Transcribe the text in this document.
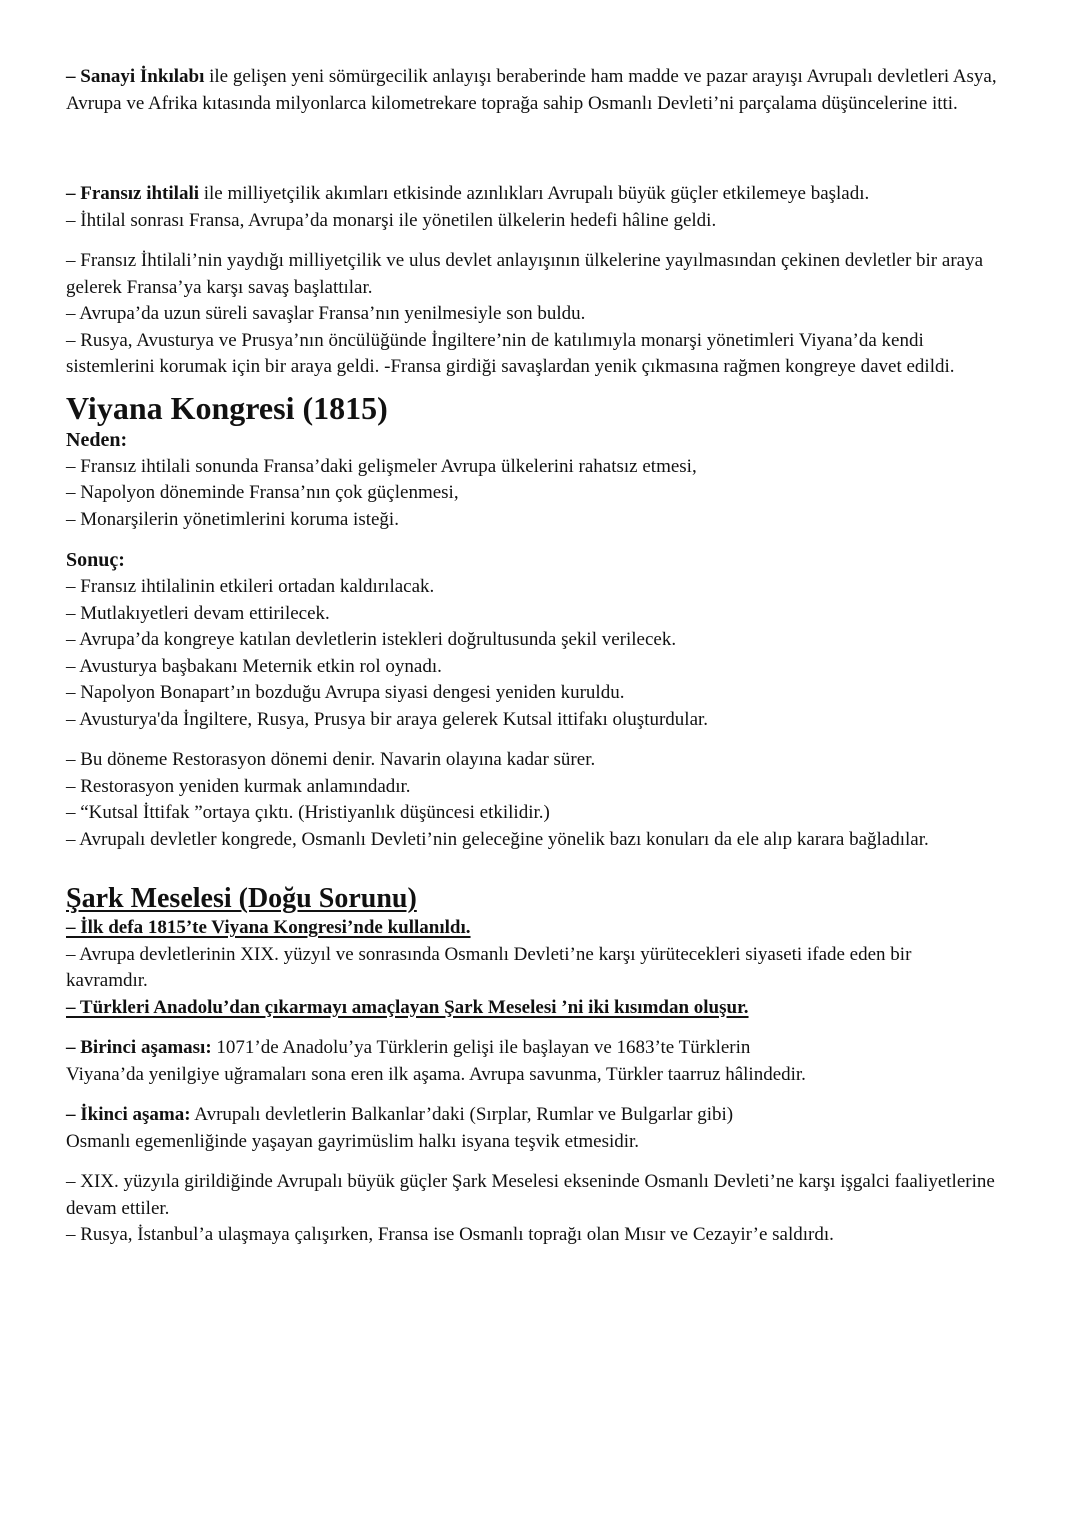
– Sanayi İnkılabı ile gelişen yeni sömürgecilik anlayışı beraberinde ham madde ve pazar arayışı Avrupalı devletleri Asya, Avrupa ve Afrika kıtasında milyonlarca kilometrekare toprağa sahip Osmanlı Devleti’ni parçalama düşüncelerine itti.

– Fransız ihtilali ile milliyetçilik akımları etkisinde azınlıkları Avrupalı büyük güçler etkilemeye başladı.

– İhtilal sonrası Fransa, Avrupa’da monarşi ile yönetilen ülkelerin hedefi hâline geldi.

– Fransız İhtilali’nin yaydığı milliyetçilik ve ulus devlet anlayışının ülkelerine yayılmasından çekinen devletler bir araya gelerek Fransa’ya karşı savaş başlattılar.

– Avrupa’da uzun süreli savaşlar Fransa’nın yenilmesiyle son buldu.

– Rusya, Avusturya ve Prusya’nın öncülüğünde İngiltere’nin de katılımıyla monarşi yönetimleri Viyana’da kendi sistemlerini korumak için bir araya geldi. -Fransa girdiği savaşlardan yenik çıkmasına rağmen kongreye davet edildi.

Viyana Kongresi (1815)

Neden:

– Fransız ihtilali sonunda Fransa’daki gelişmeler Avrupa ülkelerini rahatsız etmesi,

– Napolyon döneminde Fransa’nın çok güçlenmesi,

– Monarşilerin yönetimlerini koruma isteği.

Sonuç:

– Fransız ihtilalinin etkileri ortadan kaldırılacak.

– Mutlakıyetleri devam ettirilecek.

– Avrupa’da kongreye katılan devletlerin istekleri doğrultusunda şekil verilecek.

– Avusturya başbakanı Meternik etkin rol oynadı.

– Napolyon Bonapart’ın bozduğu Avrupa siyasi dengesi yeniden kuruldu.

– Avusturya'da İngiltere, Rusya, Prusya bir araya gelerek Kutsal ittifakı oluşturdular.

– Bu döneme Restorasyon dönemi denir. Navarin olayına kadar sürer.

– Restorasyon yeniden kurmak anlamındadır.

– “Kutsal İttifak ”ortaya çıktı. (Hristiyanlık düşüncesi etkilidir.)

– Avrupalı devletler kongrede, Osmanlı Devleti’nin geleceğine yönelik bazı konuları da ele alıp karara bağladılar.

Şark Meselesi (Doğu Sorunu)

– İlk defa 1815’te Viyana Kongresi’nde kullanıldı.

– Avrupa devletlerinin XIX. yüzyıl ve sonrasında Osmanlı Devleti’ne karşı yürütecekleri siyaseti ifade eden bir

kavramdır.

– Türkleri Anadolu’dan çıkarmayı amaçlayan Şark Meselesi ’ni iki kısımdan oluşur.

– Birinci aşaması: 1071’de Anadolu’ya Türklerin gelişi ile başlayan ve 1683’te Türklerin

Viyana’da yenilgiye uğramaları sona eren ilk aşama. Avrupa savunma, Türkler taarruz hâlindedir.

– İkinci aşama: Avrupalı devletlerin Balkanlar’daki (Sırplar, Rumlar ve Bulgarlar gibi)

Osmanlı egemenliğinde yaşayan gayrimüslim halkı isyana teşvik etmesidir.

– XIX. yüzyıla girildiğinde Avrupalı büyük güçler Şark Meselesi ekseninde Osmanlı Devleti’ne karşı işgalci faaliyetlerine devam ettiler.

– Rusya, İstanbul’a ulaşmaya çalışırken, Fransa ise Osmanlı toprağı olan Mısır ve Cezayir’e saldırdı.
